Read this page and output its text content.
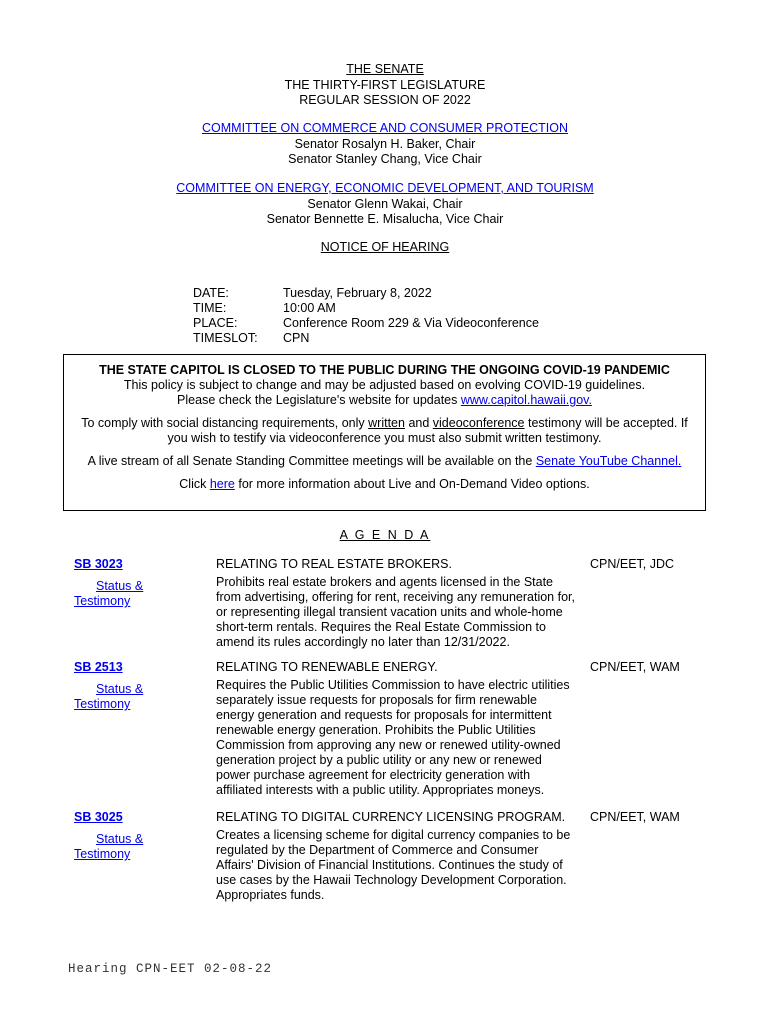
THE SENATE
THE THIRTY-FIRST LEGISLATURE
REGULAR SESSION OF 2022
COMMITTEE ON COMMERCE AND CONSUMER PROTECTION
Senator Rosalyn H. Baker, Chair
Senator Stanley Chang, Vice Chair
COMMITTEE ON ENERGY, ECONOMIC DEVELOPMENT, AND TOURISM
Senator Glenn Wakai, Chair
Senator Bennette E. Misalucha, Vice Chair
NOTICE OF HEARING
DATE:	Tuesday, February 8, 2022
TIME:	10:00 AM
PLACE:	Conference Room 229 & Via Videoconference
TIMESLOT:	CPN

THE STATE CAPITOL IS CLOSED TO THE PUBLIC DURING THE ONGOING COVID-19 PANDEMIC

This policy is subject to change and may be adjusted based on evolving COVID-19 guidelines.

Please check the Legislature's website for updates www.capitol.hawaii.gov.

To comply with social distancing requirements, only written and videoconference testimony will be accepted. If

you wish to testify via videoconference you must also submit written testimony.

A live stream of all Senate Standing Committee meetings will be available on the Senate YouTube Channel.

Click here for more information about Live and On-Demand Video options.

A G E N D A
SB 3023
Status &
Testimony
RELATING TO REAL ESTATE BROKERS.
Prohibits real estate brokers and agents licensed in the State from advertising, offering for rent, receiving any remuneration for, or representing illegal transient vacation units and whole-home short-term rentals. Requires the Real Estate Commission to amend its rules accordingly no later than 12/31/2022.
CPN/EET, JDC
SB 2513
Status &
Testimony
RELATING TO RENEWABLE ENERGY.
Requires the Public Utilities Commission to have electric utilities separately issue requests for proposals for firm renewable energy generation and requests for proposals for intermittent renewable energy generation. Prohibits the Public Utilities Commission from approving any new or renewed utility-owned generation project by a public utility or any new or renewed power purchase agreement for electricity generation with affiliated interests with a public utility. Appropriates moneys.
CPN/EET, WAM
SB 3025
Status &
Testimony
RELATING TO DIGITAL CURRENCY LICENSING PROGRAM.
Creates a licensing scheme for digital currency companies to be regulated by the Department of Commerce and Consumer Affairs' Division of Financial Institutions. Continues the study of use cases by the Hawaii Technology Development Corporation. Appropriates funds.
CPN/EET, WAM
Hearing CPN-EET 02-08-22
